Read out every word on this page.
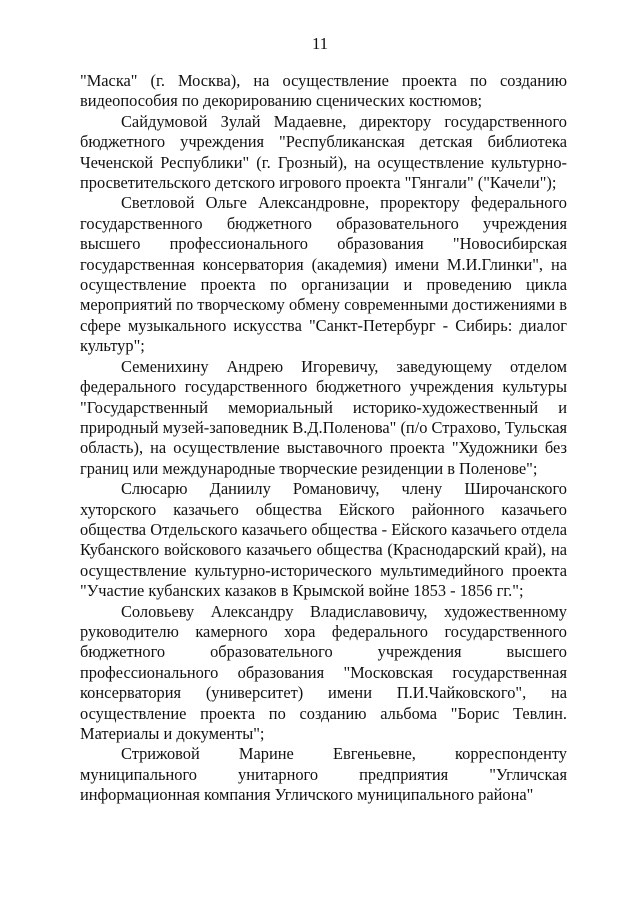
11

"Маска" (г. Москва), на осуществление проекта по созданию видеопособия по декорированию сценических костюмов;

Сайдумовой Зулай Мадаевне, директору государственного бюджетного учреждения "Республиканская детская библиотека Чеченской Республики" (г. Грозный), на осуществление культурно-просветительского детского игрового проекта "Гянгали" ("Качели");

Светловой Ольге Александровне, проректору федерального государственного бюджетного образовательного учреждения высшего профессионального образования "Новосибирская государственная консерватория (академия) имени М.И.Глинки", на осуществление проекта по организации и проведению цикла мероприятий по творческому обмену современными достижениями в сфере музыкального искусства "Санкт-Петербург - Сибирь: диалог культур";

Семенихину Андрею Игоревичу, заведующему отделом федерального государственного бюджетного учреждения культуры "Государственный мемориальный историко-художественный и природный музей-заповедник В.Д.Поленова" (п/о Страхово, Тульская область), на осуществление выставочного проекта "Художники без границ или международные творческие резиденции в Поленове";

Слюсарю Даниилу Романовичу, члену Широчанского хуторского казачьего общества Ейского районного казачьего общества Отдельского казачьего общества - Ейского казачьего отдела Кубанского войскового казачьего общества (Краснодарский край), на осуществление культурно-исторического мультимедийного проекта "Участие кубанских казаков в Крымской войне 1853 - 1856 гг.";

Соловьеву Александру Владиславовичу, художественному руководителю камерного хора федерального государственного бюджетного образовательного учреждения высшего профессионального образования "Московская государственная консерватория (университет) имени П.И.Чайковского", на осуществление проекта по созданию альбома "Борис Тевлин. Материалы и документы";

Стрижовой Марине Евгеньевне, корреспонденту муниципального унитарного предприятия "Угличская информационная компания Угличского муниципального района"
